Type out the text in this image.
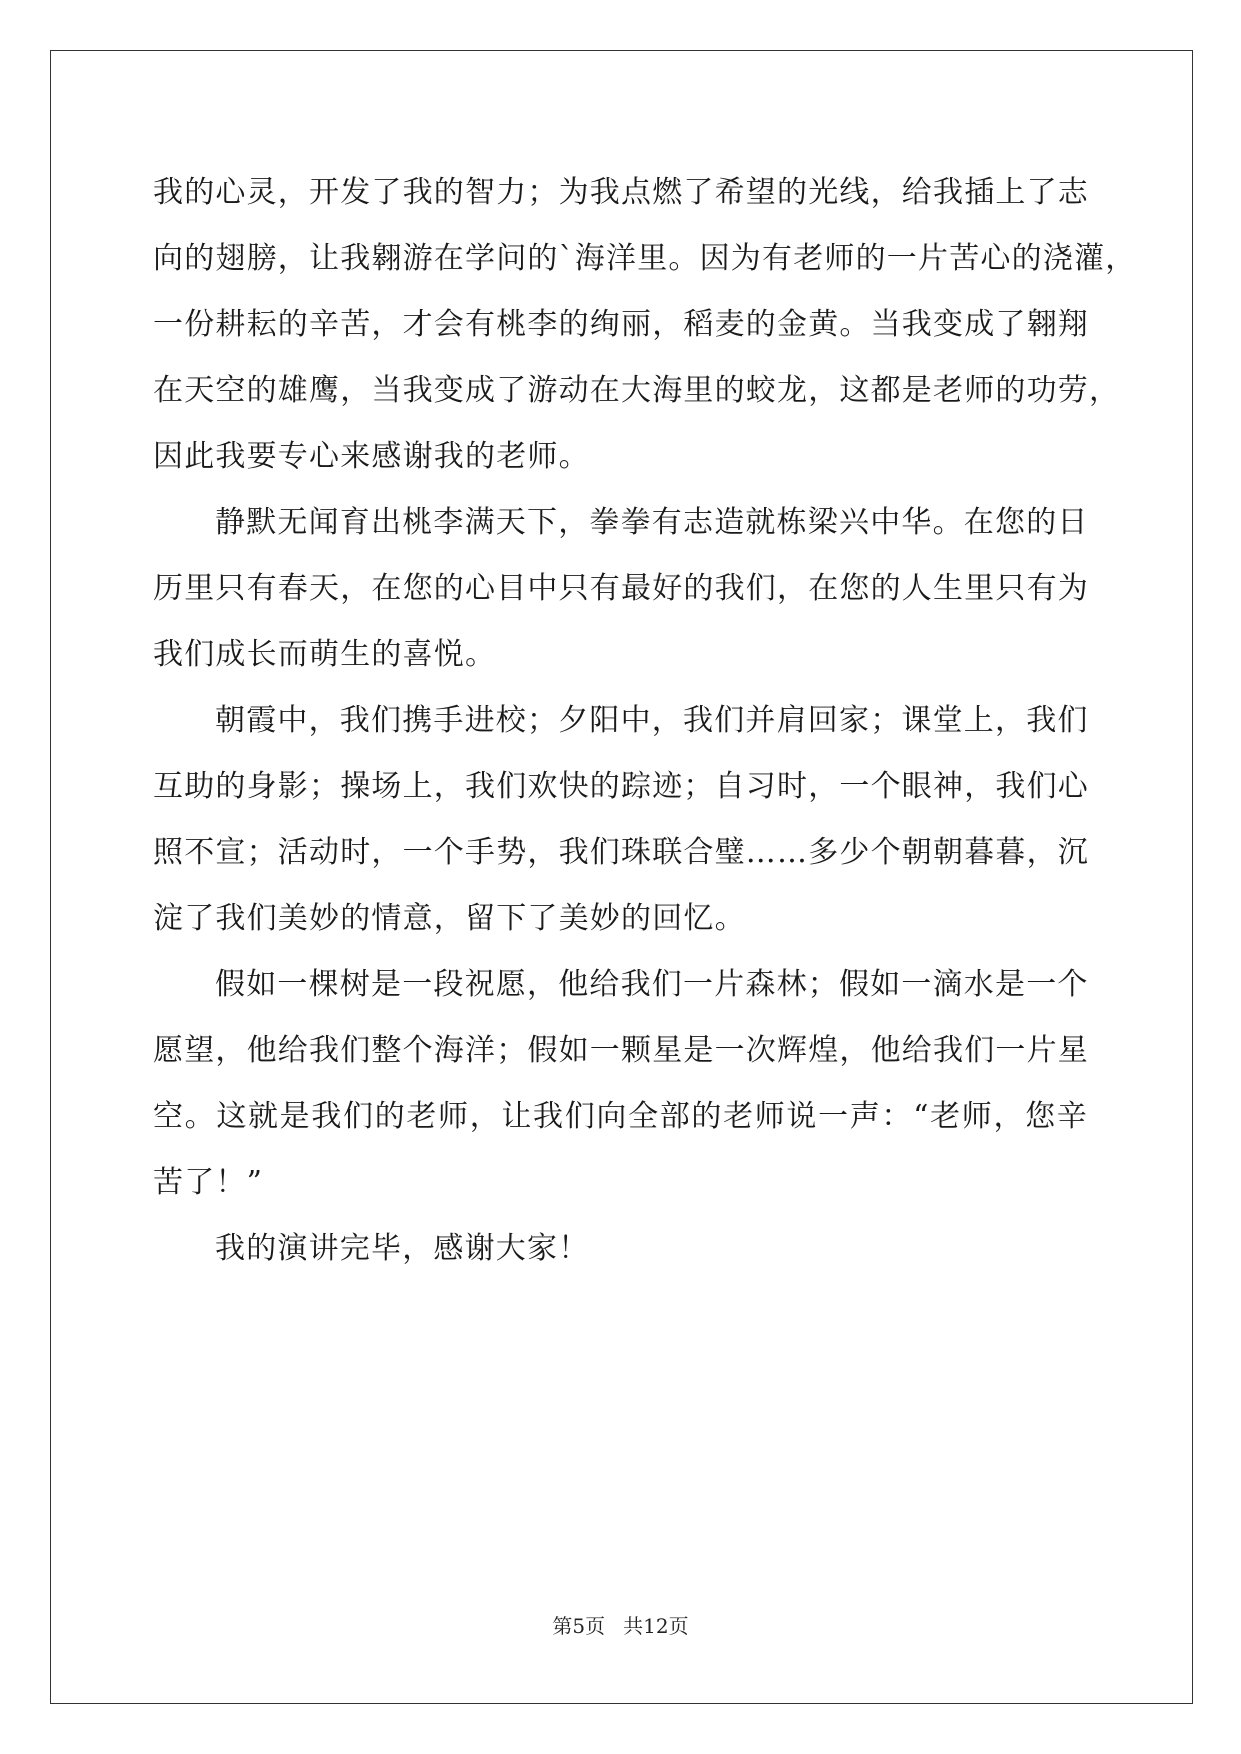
我的心灵，开发了我的智力；为我点燃了希望的光线，给我插上了志
向的翅膀，让我翱游在学问的`海洋里。因为有老师的一片苦心的浇灌，
一份耕耘的辛苦，才会有桃李的绚丽，稻麦的金黄。当我变成了翱翔
在天空的雄鹰，当我变成了游动在大海里的蛟龙，这都是老师的功劳，
因此我要专心来感谢我的老师。
静默无闻育出桃李满天下，拳拳有志造就栋梁兴中华。在您的日
历里只有春天，在您的心目中只有最好的我们，在您的人生里只有为
我们成长而萌生的喜悦。
朝霞中，我们携手进校；夕阳中，我们并肩回家；课堂上，我们
互助的身影；操场上，我们欢快的踪迹；自习时，一个眼神，我们心
照不宣；活动时，一个手势，我们珠联合璧……多少个朝朝暮暮，沉
淀了我们美妙的情意，留下了美妙的回忆。
假如一棵树是一段祝愿，他给我们一片森林；假如一滴水是一个
愿望，他给我们整个海洋；假如一颗星是一次辉煌，他给我们一片星
空。这就是我们的老师，让我们向全部的老师说一声：“老师，您辛
苦了！”
我的演讲完毕，感谢大家！
第5页 共12页
